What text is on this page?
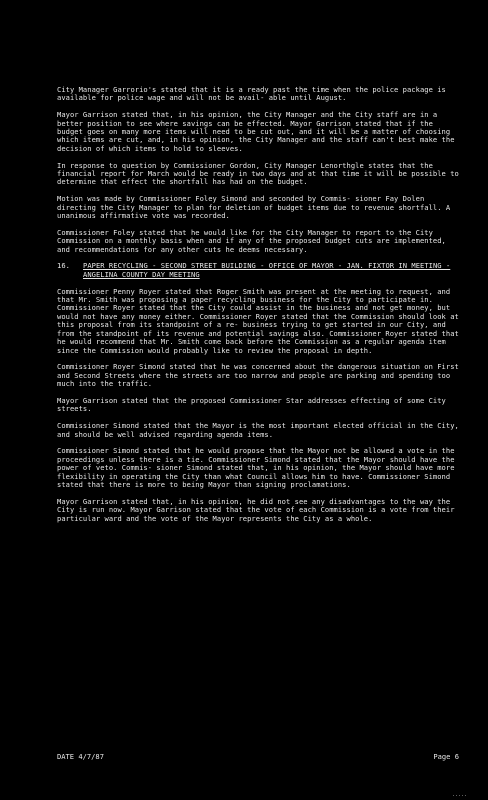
City Manager Garrorio's stated that it is a ready past the time when the police package is available for police wage and will not be avail- able until August.

Mayor Garrison stated that, in his opinion, the City Manager and the City staff are in a better position to see where savings can be effected. Mayor Garrison stated that if the budget goes on many more items will need to be cut out, and it will be a matter of choosing which items are cut, and, in his opinion, the City Manager and the staff can't best make the decision of which items to hold to sleeves.

In response to question by Commissioner Gordon, City Manager Lenorthgle states that the financial report for March would be ready in two days and at that time it will be possible to determine that effect the shortfall has had on the budget.

Motion was made by Commissioner Foley Simond and seconded by Commis- sioner Fay Dolen directing the City Manager to plan for deletion of budget items due to revenue shortfall. A unanimous affirmative vote was recorded.

Commissioner Foley stated that he would like for the City Manager to report to the City Commission on a monthly basis when and if any of the proposed budget cuts are implemented, and recommendations for any other cuts he deems necessary.

16.	PAPER RECYCLING - SECOND STREET BUILDING - OFFICE OF MAYOR - JAN. FIXTOR IN MEETING - ANGELINA COUNTY DAY MEETING

Commissioner Penny Royer stated that Roger Smith was present at the meeting to request, and that Mr. Smith was proposing a paper recycling business for the City to participate in. Commissioner Royer stated that the City could assist in the business and not get money, but would not have any money either. Commissioner Royer stated that the Commission should look at this proposal from its standpoint of a re- business trying to get started in our City, and from the standpoint of its revenue and potential savings also. Commissioner Royer stated that he would recommend that Mr. Smith come back before the Commission as a regular agenda item since the Commission would probably like to review the proposal in depth.

Commissioner Royer Simond stated that he was concerned about the dangerous situation on First and Second Streets where the streets are too narrow and people are parking and spending too much into the traffic.

Mayor Garrison stated that the proposed Commissioner Star addresses effecting of some City streets.

Commissioner Simond stated that the Mayor is the most important elected official in the City, and should be well advised regarding agenda items.

Commissioner Simond stated that he would propose that the Mayor not be allowed a vote in the proceedings unless there is a tie. Commissioner Simond stated that the Mayor should have the power of veto. Commis- sioner Simond stated that, in his opinion, the Mayor should have more flexibility in operating the City than what Council allows him to have. Commissioner Simond stated that there is more to being Mayor than signing proclamations.

Mayor Garrison stated that, in his opinion, he did not see any disadvantages to the way the City is run now. Mayor Garrison stated that the vote of each Commission is a vote from their particular ward and the vote of the Mayor represents the City as a whole.

DATE 4/7/87	Page 6
.....
